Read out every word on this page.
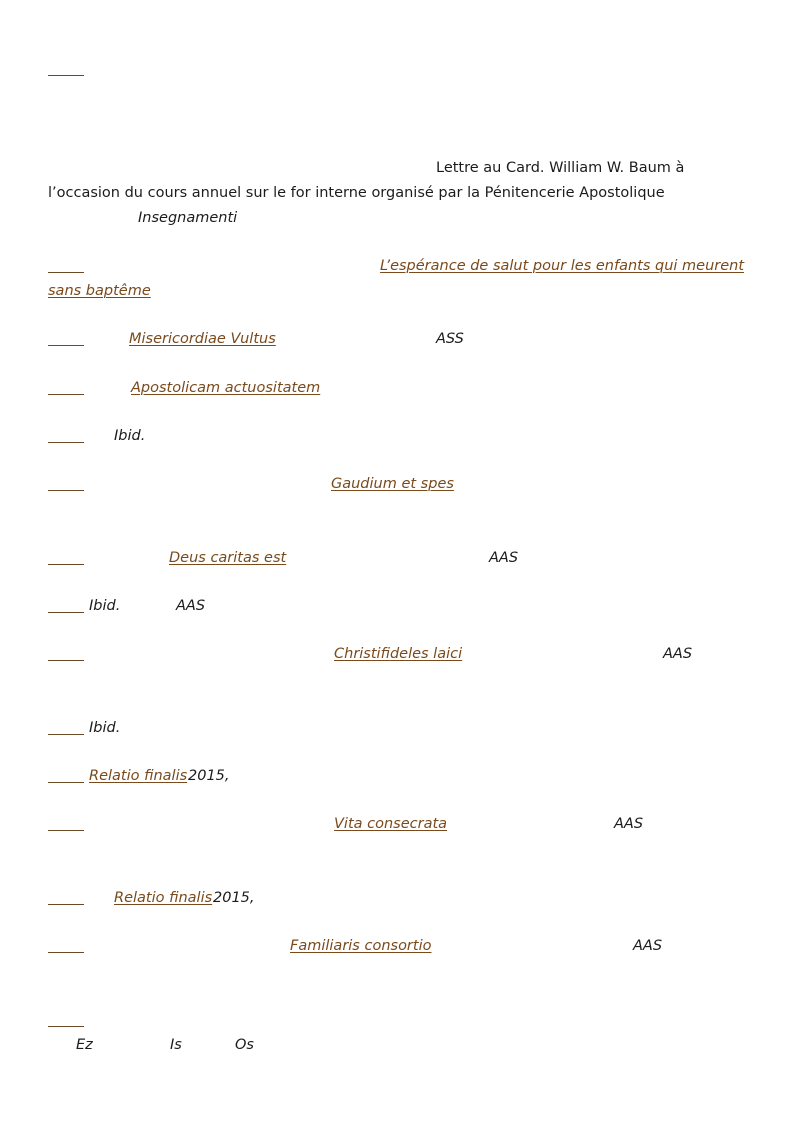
Lettre au Card. William W. Baum à
l’occasion du cours annuel sur le for interne organisé par la Pénitencerie Apostolique
Insegnamenti
L’espérance de salut pour les enfants qui meurent
sans baptême
Misericordiae Vultus	ASS
Apostolicam actuositatem
Ibid.
Gaudium et spes
Deus caritas est	AAS
Ibid.	AAS
Christifideles laici	AAS
Ibid.
Relatio finalis 2015,
Vita consecrata	AAS
Relatio finalis 2015,
Familiaris consortio	AAS
Ez	Is	Os
